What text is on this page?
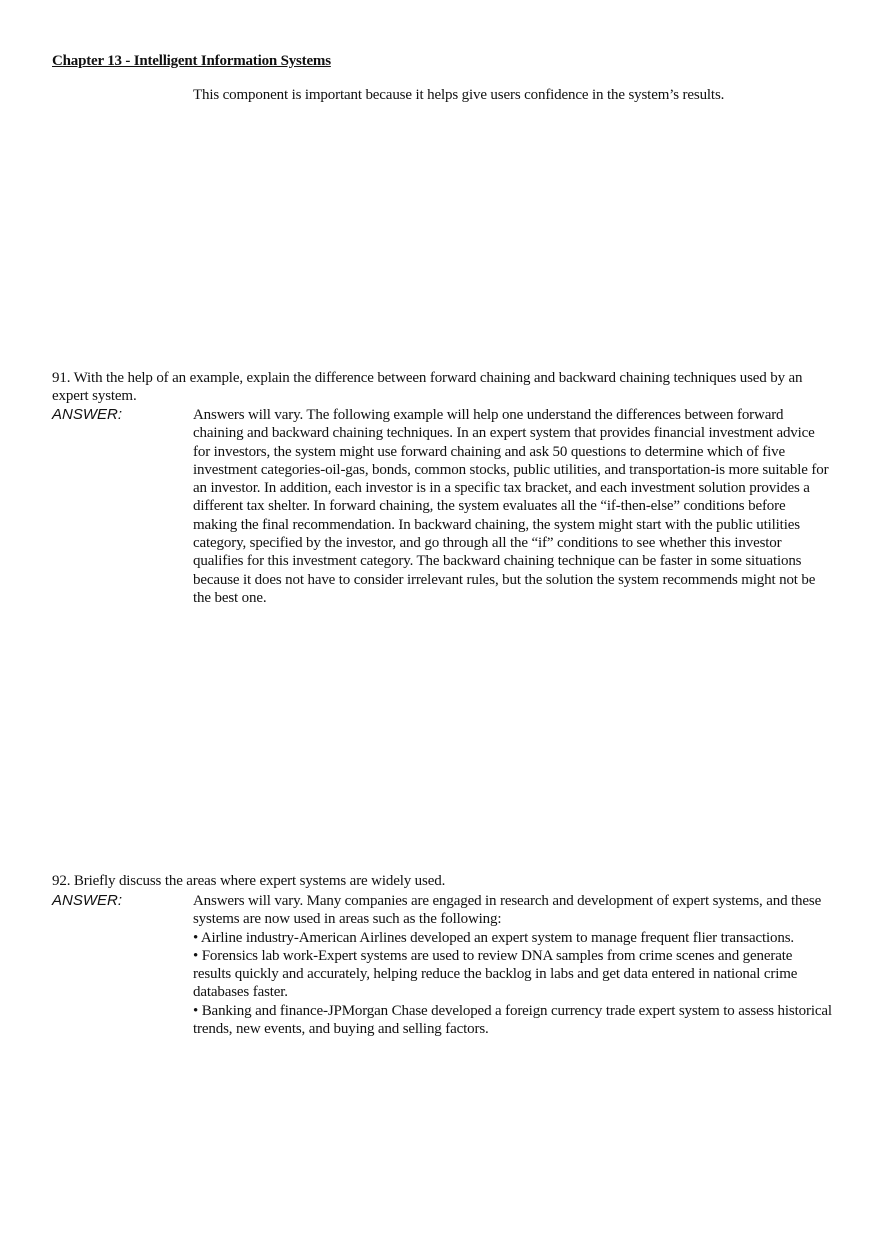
Chapter 13 - Intelligent Information Systems
This component is important because it helps give users confidence in the system’s results.
91. With the help of an example, explain the difference between forward chaining and backward chaining techniques used by an expert system.
ANSWER:	Answers will vary. The following example will help one understand the differences between forward chaining and backward chaining techniques. In an expert system that provides financial investment advice for investors, the system might use forward chaining and ask 50 questions to determine which of five investment categories-oil-gas, bonds, common stocks, public utilities, and transportation-is more suitable for an investor. In addition, each investor is in a specific tax bracket, and each investment solution provides a different tax shelter. In forward chaining, the system evaluates all the “if-then-else” conditions before making the final recommendation. In backward chaining, the system might start with the public utilities category, specified by the investor, and go through all the “if” conditions to see whether this investor qualifies for this investment category. The backward chaining technique can be faster in some situations because it does not have to consider irrelevant rules, but the solution the system recommends might not be the best one.
92. Briefly discuss the areas where expert systems are widely used.
ANSWER:	Answers will vary. Many companies are engaged in research and development of expert systems, and these systems are now used in areas such as the following:

• Airline industry-American Airlines developed an expert system to manage frequent flier transactions.

• Forensics lab work-Expert systems are used to review DNA samples from crime scenes and generate results quickly and accurately, helping reduce the backlog in labs and get data entered in national crime databases faster.

• Banking and finance-JPMorgan Chase developed a foreign currency trade expert system to assess historical trends, new events, and buying and selling factors.
